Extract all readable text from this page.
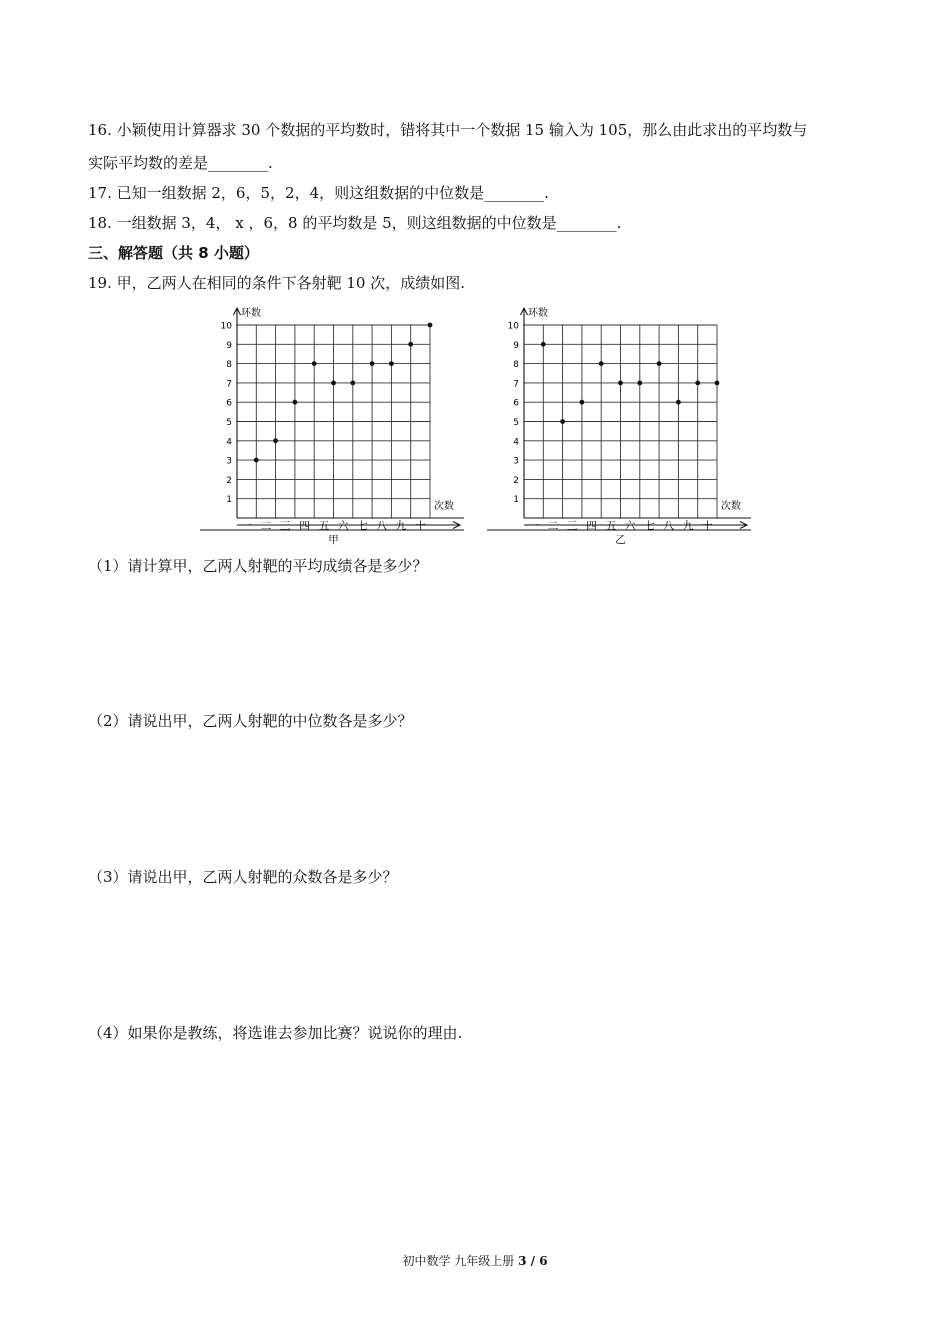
16. 小颖使用计算器求 30 个数据的平均数时，错将其中一个数据 15 输入为 105，那么由此求出的平均数与
实际平均数的差是________.
17. 已知一组数据 2，6，5，2，4，则这组数据的中位数是________.
18. 一组数据 3，4， x ，6，8 的平均数是 5，则这组数据的中位数是________.
三、解答题（共 8 小题）
19. 甲，乙两人在相同的条件下各射靶 10 次，成绩如图.
1
2
3
4
5
6
7
8
9
10
环数
次数
一 二 三 四 五 六 七 八 九 十
甲
1
2
3
4
5
6
7
8
9
10
环数
次数
一 二 三 四 五 六 七 八 九 十
乙
（1）请计算甲，乙两人射靶的平均成绩各是多少？
（2）请说出甲，乙两人射靶的中位数各是多少？
（3）请说出甲，乙两人射靶的众数各是多少？
（4）如果你是教练，将选谁去参加比赛？说说你的理由.
初中数学 九年级上册 3 / 6
